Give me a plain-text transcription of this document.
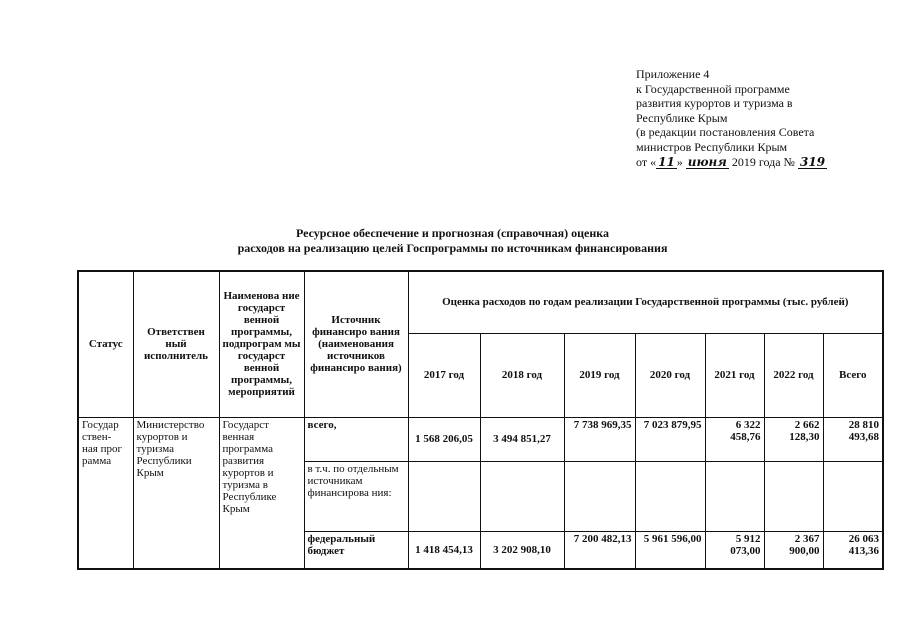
Приложение 4
к Государственной программе
развития курортов и туризма в
Республике Крым
(в редакции постановления Совета
министров Республики Крым
от « 11 » июня 2019 года № 319
Ресурсное обеспечение и прогнозная (справочная) оценка
расходов на реализацию целей Госпрограммы по источникам финансирования
Статус	Ответствен ный исполнитель	Наименова ние государст венной программы, подпрограм мы государст венной программы, мероприятий	Источник финансиро вания (наименования источников финансиро вания)	Оценка расходов по годам реализации Государственной программы (тыс. рублей)						
				2017 год	2018 год	2019 год	2020 год	2021 год	2022 год	Всего
Государ ствен- ная прог рамма	Министерство курортов и туризма Республики Крым	Государст венная программа развития курортов и туризма в Республике Крым	всего,	1 568 206,05	3 494 851,27	7 738 969,35	7 023 879,95	6 322 458,76	2 662 128,30	28 810 493,68
			в т.ч. по отдельным источникам финансирова ния:							
			федеральный бюджет	1 418 454,13	3 202 908,10	7 200 482,13	5 961 596,00	5 912 073,00	2 367 900,00	26 063 413,36
